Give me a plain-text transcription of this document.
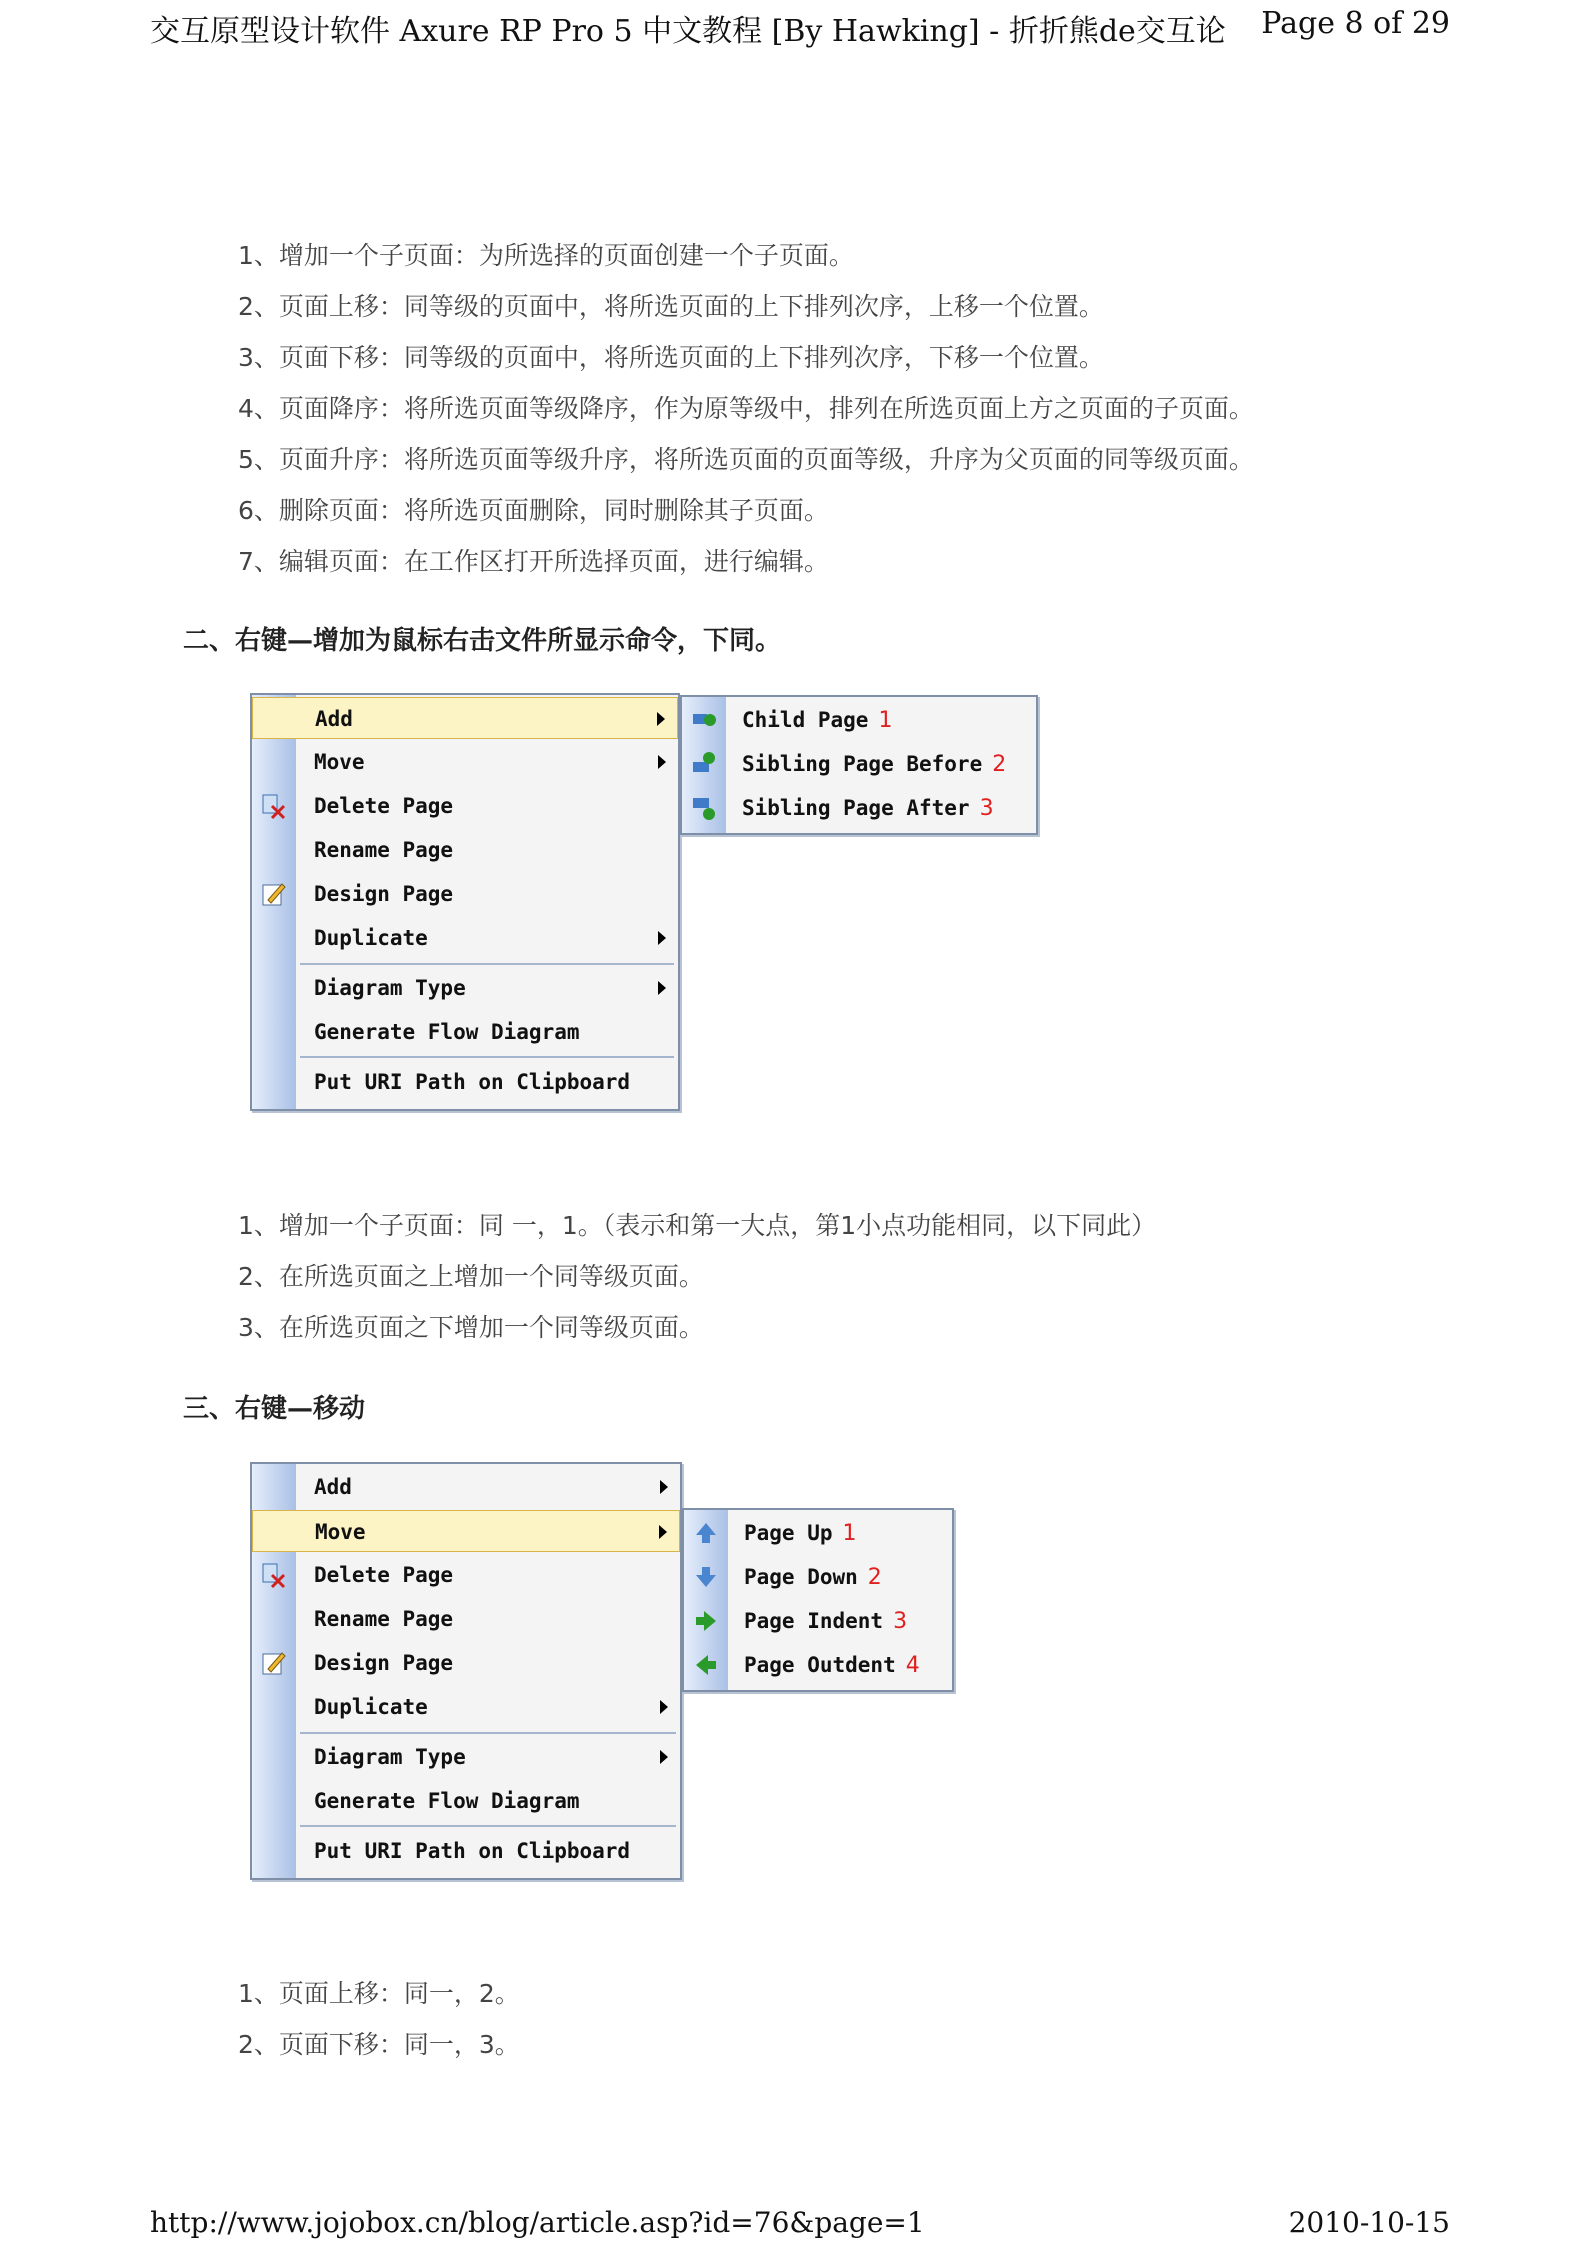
交互原型设计软件 Axure RP Pro 5 中文教程 [By Hawking] - 折折熊de交互论 Page 8 of 29
1、增加一个子页面：为所选择的页面创建一个子页面。
2、页面上移：同等级的页面中，将所选页面的上下排列次序，上移一个位置。
3、页面下移：同等级的页面中，将所选页面的上下排列次序，下移一个位置。
4、页面降序：将所选页面等级降序，作为原等级中，排列在所选页面上方之页面的子页面。
5、页面升序：将所选页面等级升序，将所选页面的页面等级，升序为父页面的同等级页面。
6、删除页面：将所选页面删除，同时删除其子页面。
7、编辑页面：在工作区打开所选择页面，进行编辑。
二、右键—增加为鼠标右击文件所显示命令，下同。
Add
Move
Delete Page
Rename Page
Design Page
Duplicate
Diagram Type
Generate Flow Diagram
Put URI Path on Clipboard
Child Page 1
Sibling Page Before 2
Sibling Page After 3
1、增加一个子页面：同 一，1。（表示和第一大点，第1小点功能相同，以下同此）
2、在所选页面之上增加一个同等级页面。
3、在所选页面之下增加一个同等级页面。
三、右键—移动
Add
Move
Delete Page
Rename Page
Design Page
Duplicate
Diagram Type
Generate Flow Diagram
Put URI Path on Clipboard
Page Up 1
Page Down 2
Page Indent 3
Page Outdent 4
1、页面上移：同一，2。
2、页面下移：同一，3。
http://www.jojobox.cn/blog/article.asp?id=76&page=1	2010-10-15
